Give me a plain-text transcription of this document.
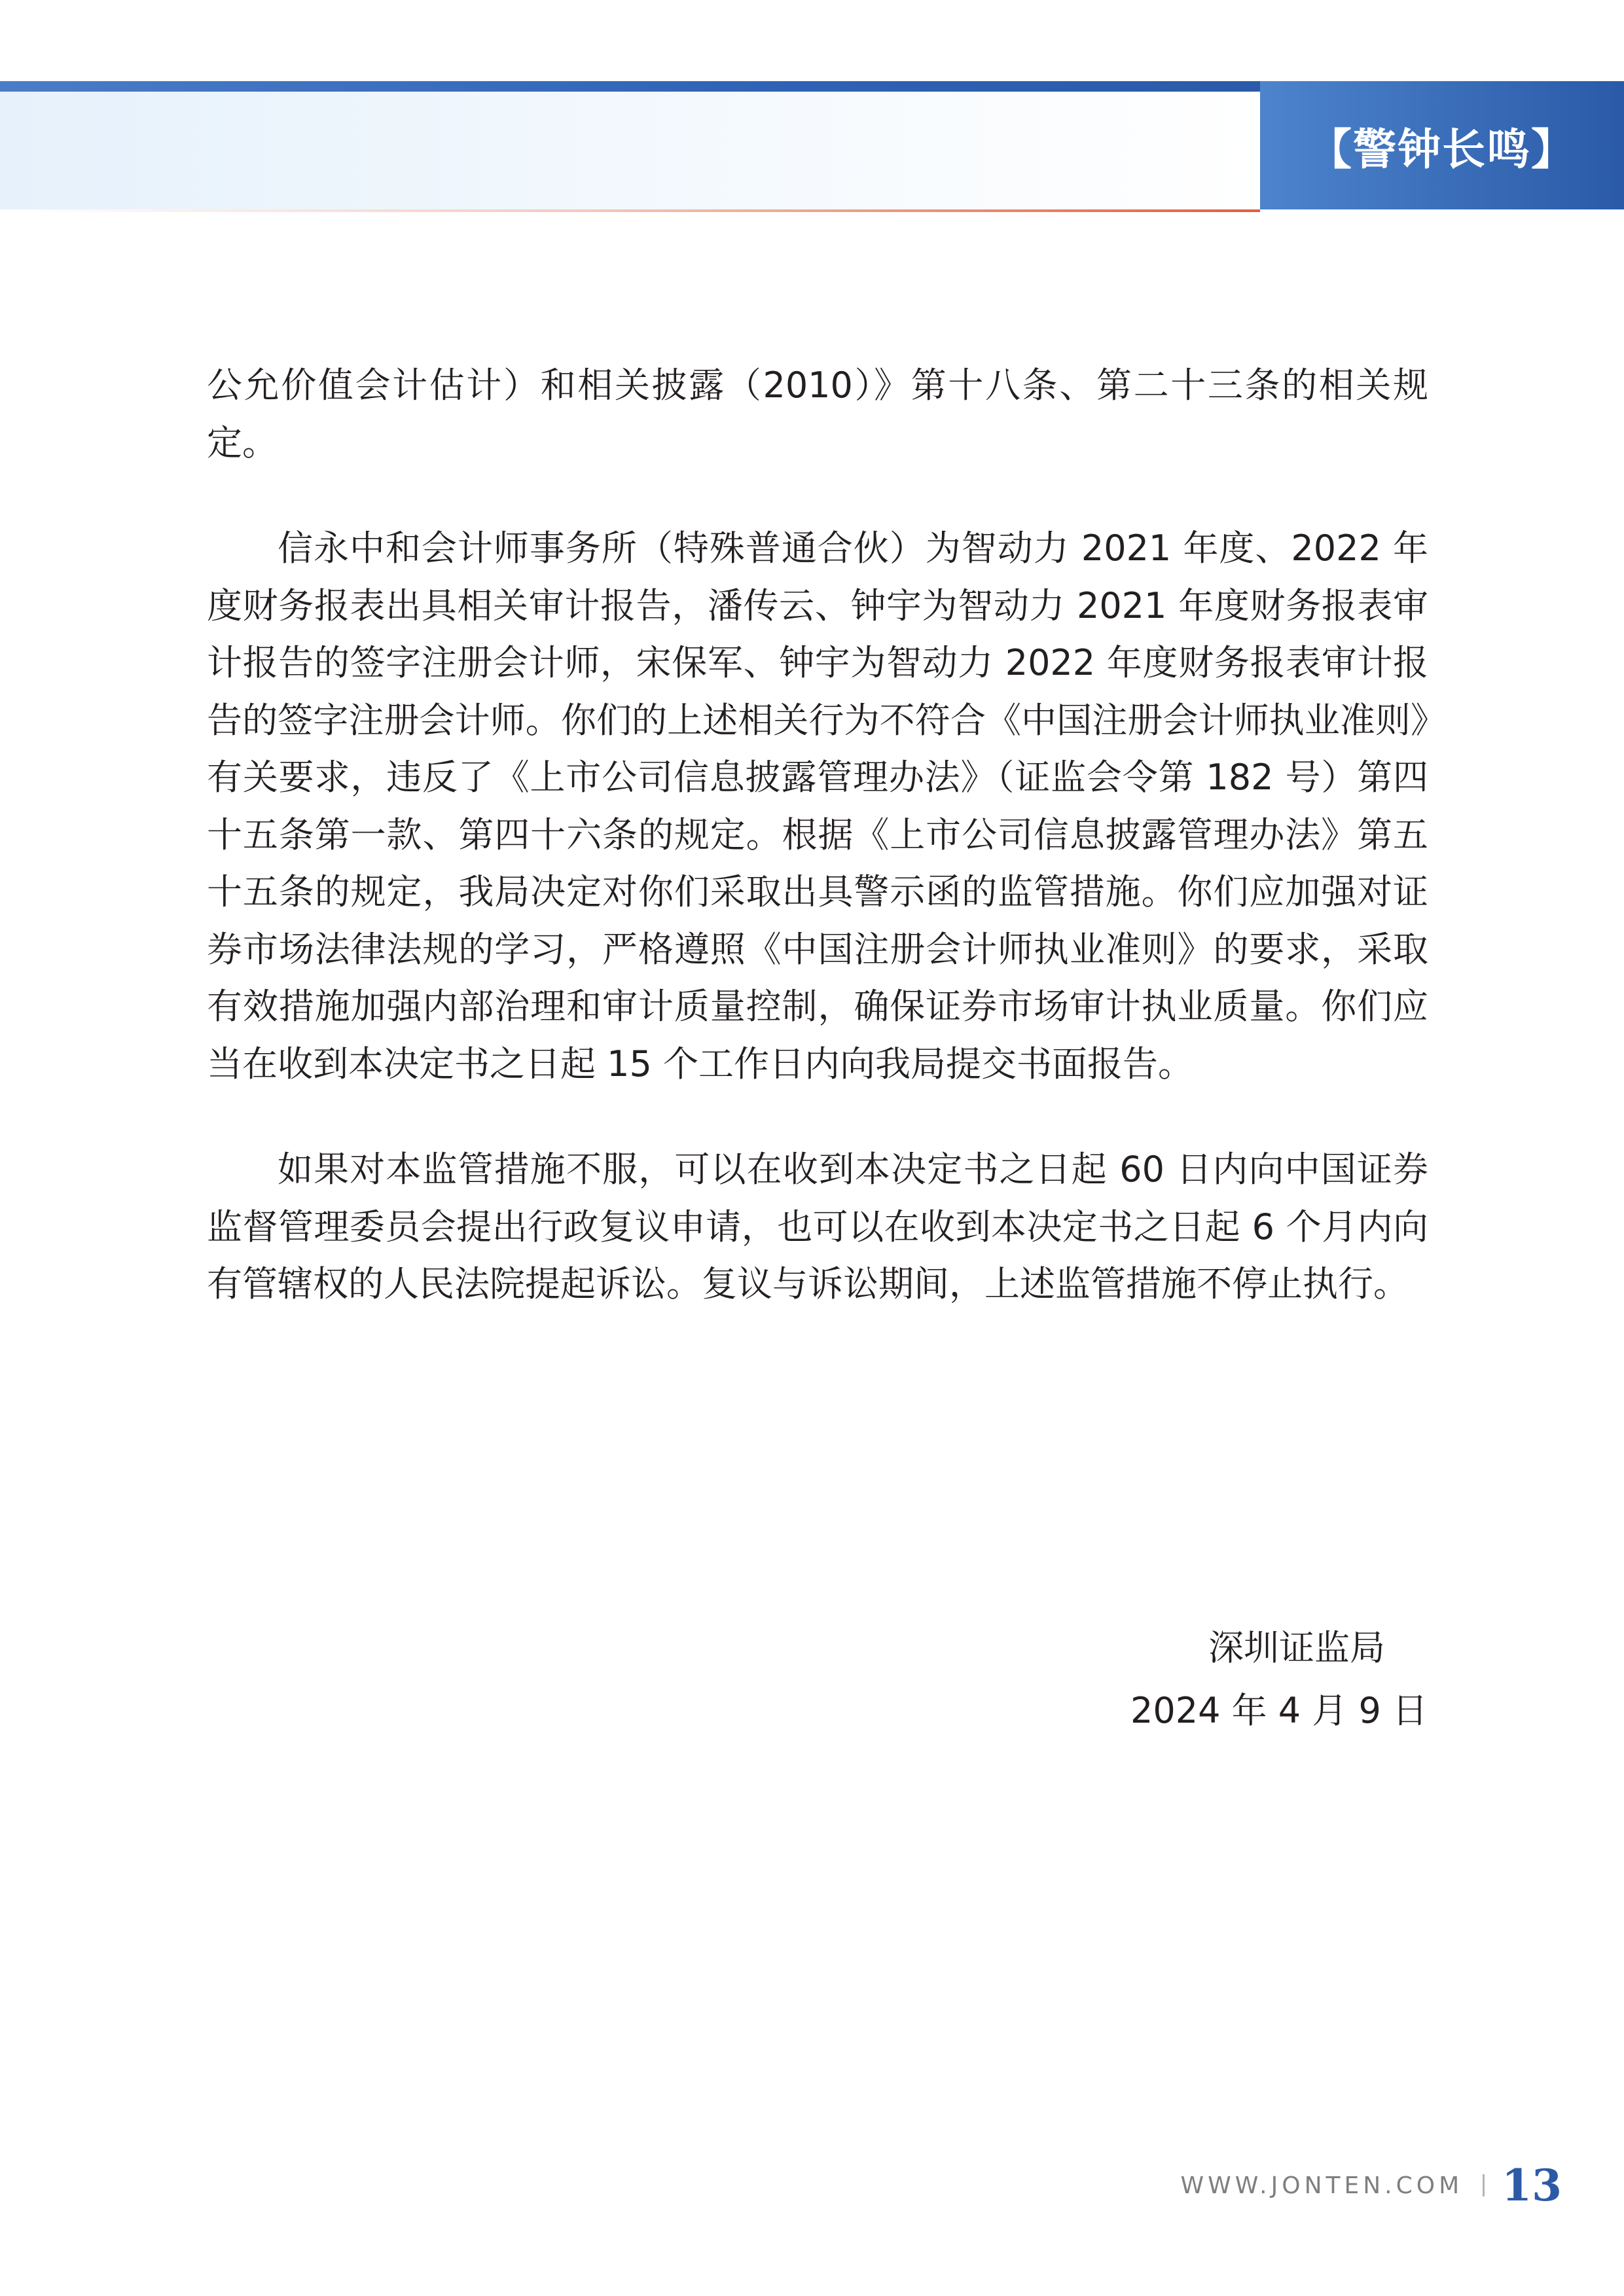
【警钟长鸣】

公允价值会计估计）和相关披露（2010）》第十八条、第二十三条的相关规定。

信永中和会计师事务所（特殊普通合伙）为智动力 2021 年度、2022 年度财务报表出具相关审计报告，潘传云、钟宇为智动力 2021 年度财务报表审计报告的签字注册会计师，宋保军、钟宇为智动力 2022 年度财务报表审计报告的签字注册会计师。你们的上述相关行为不符合《中国注册会计师执业准则》有关要求，违反了《上市公司信息披露管理办法》（证监会令第 182 号）第四十五条第一款、第四十六条的规定。根据《上市公司信息披露管理办法》第五十五条的规定，我局决定对你们采取出具警示函的监管措施。你们应加强对证券市场法律法规的学习，严格遵照《中国注册会计师执业准则》的要求，采取有效措施加强内部治理和审计质量控制，确保证券市场审计执业质量。你们应当在收到本决定书之日起 15 个工作日内向我局提交书面报告。

如果对本监管措施不服，可以在收到本决定书之日起 60 日内向中国证券监督管理委员会提出行政复议申请，也可以在收到本决定书之日起 6 个月内向有管辖权的人民法院提起诉讼。复议与诉讼期间，上述监管措施不停止执行。

深圳证监局
2024 年 4 月 9 日
WWW.JONTEN.COM 13
